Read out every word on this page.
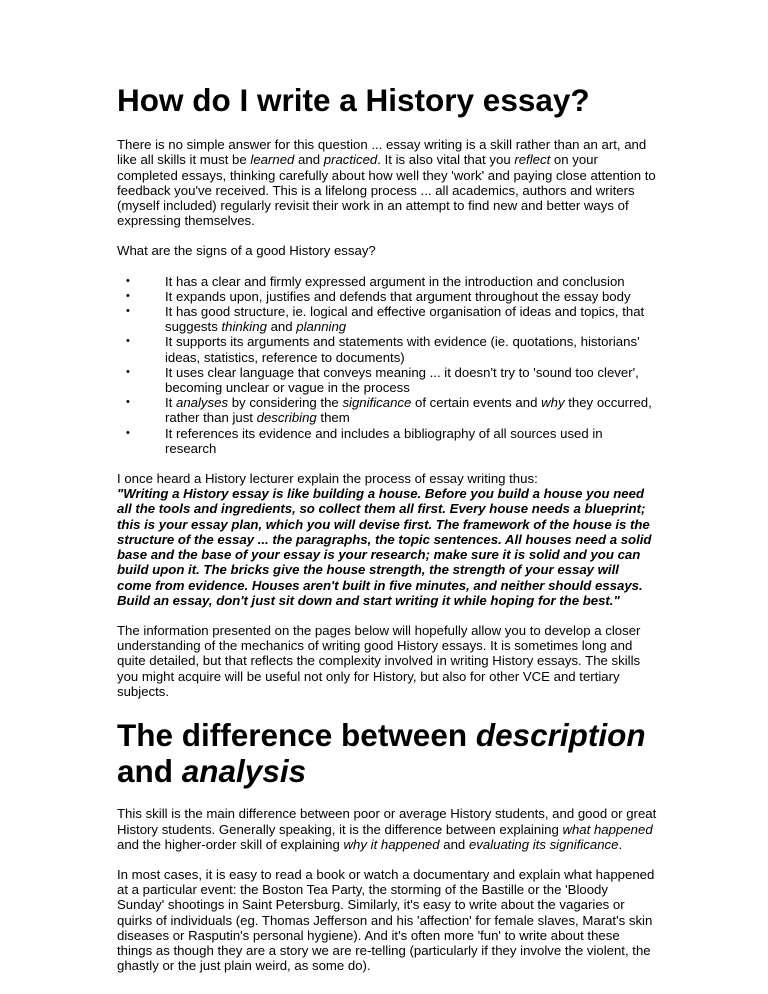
How do I write a History essay?

There is no simple answer for this question ... essay writing is a skill rather than an art, and like all skills it must be learned and practiced. It is also vital that you reflect on your completed essays, thinking carefully about how well they 'work' and paying close attention to feedback you've received. This is a lifelong process ... all academics, authors and writers (myself included) regularly revisit their work in an attempt to find new and better ways of expressing themselves.

What are the signs of a good History essay?

•	It has a clear and firmly expressed argument in the introduction and conclusion
•	It expands upon, justifies and defends that argument throughout the essay body
•	It has good structure, ie. logical and effective organisation of ideas and topics, that suggests thinking and planning
•	It supports its arguments and statements with evidence (ie. quotations, historians' ideas, statistics, reference to documents)
•	It uses clear language that conveys meaning ... it doesn't try to 'sound too clever', becoming unclear or vague in the process
•	It analyses by considering the significance of certain events and why they occurred, rather than just describing them
•	It references its evidence and includes a bibliography of all sources used in research

I once heard a History lecturer explain the process of essay writing thus:

"Writing a History essay is like building a house. Before you build a house you need all the tools and ingredients, so collect them all first. Every house needs a blueprint; this is your essay plan, which you will devise first. The framework of the house is the structure of the essay ... the paragraphs, the topic sentences. All houses need a solid base and the base of your essay is your research; make sure it is solid and you can build upon it. The bricks give the house strength, the strength of your essay will come from evidence. Houses aren't built in five minutes, and neither should essays. Build an essay, don't just sit down and start writing it while hoping for the best."

The information presented on the pages below will hopefully allow you to develop a closer understanding of the mechanics of writing good History essays. It is sometimes long and quite detailed, but that reflects the complexity involved in writing History essays. The skills you might acquire will be useful not only for History, but also for other VCE and tertiary subjects.

The difference between description and analysis

This skill is the main difference between poor or average History students, and good or great History students. Generally speaking, it is the difference between explaining what happened and the higher-order skill of explaining why it happened and evaluating its significance.

In most cases, it is easy to read a book or watch a documentary and explain what happened at a particular event: the Boston Tea Party, the storming of the Bastille or the 'Bloody Sunday' shootings in Saint Petersburg. Similarly, it's easy to write about the vagaries or quirks of individuals (eg. Thomas Jefferson and his 'affection' for female slaves, Marat's skin diseases or Rasputin's personal hygiene). And it's often more 'fun' to write about these things as though they are a story we are re-telling (particularly if they involve the violent, the ghastly or the just plain weird, as some do).
